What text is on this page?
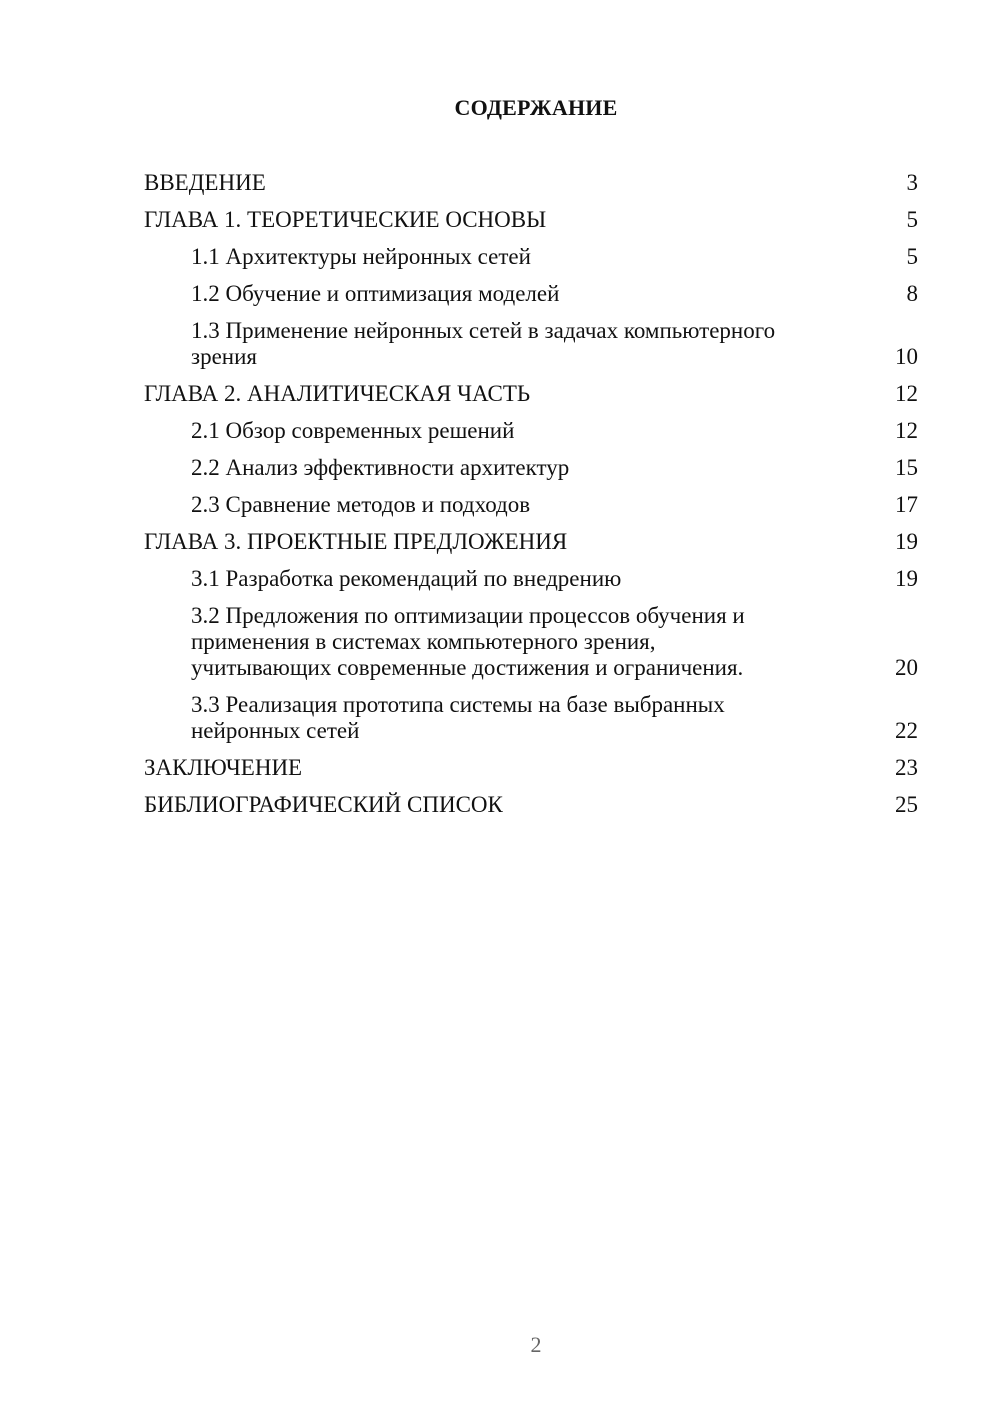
СОДЕРЖАНИЕ
ВВЕДЕНИЕ	3
ГЛАВА 1. ТЕОРЕТИЧЕСКИЕ ОСНОВЫ	5
1.1 Архитектуры нейронных сетей	5
1.2 Обучение и оптимизация моделей	8
1.3 Применение нейронных сетей в задачах компьютерного зрения	10
ГЛАВА 2. АНАЛИТИЧЕСКАЯ ЧАСТЬ	12
2.1 Обзор современных решений	12
2.2 Анализ эффективности архитектур	15
2.3 Сравнение методов и подходов	17
ГЛАВА 3. ПРОЕКТНЫЕ ПРЕДЛОЖЕНИЯ	19
3.1 Разработка рекомендаций по внедрению	19
3.2 Предложения по оптимизации процессов обучения и применения в системах компьютерного зрения, учитывающих современные достижения и ограничения.	20
3.3 Реализация прототипа системы на базе выбранных нейронных сетей	22
ЗАКЛЮЧЕНИЕ	23
БИБЛИОГРАФИЧЕСКИЙ СПИСОК	25
2
